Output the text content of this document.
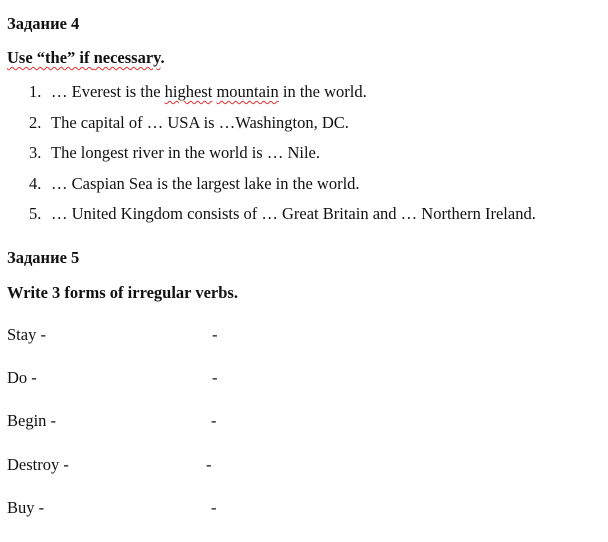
Задание 4
Use “the” if necessary.
1. … Everest is the highest mountain in the world.
2. The capital of … USA is …Washington, DC.
3. The longest river in the world is … Nile.
4. … Caspian Sea is the largest lake in the world.
5. … United Kingdom consists of … Great Britain and … Northern Ireland.
Задание 5
Write 3 forms of irregular verbs.
Stay -	-
Do -	-
Begin -	-
Destroy -	-
Buy -	-
